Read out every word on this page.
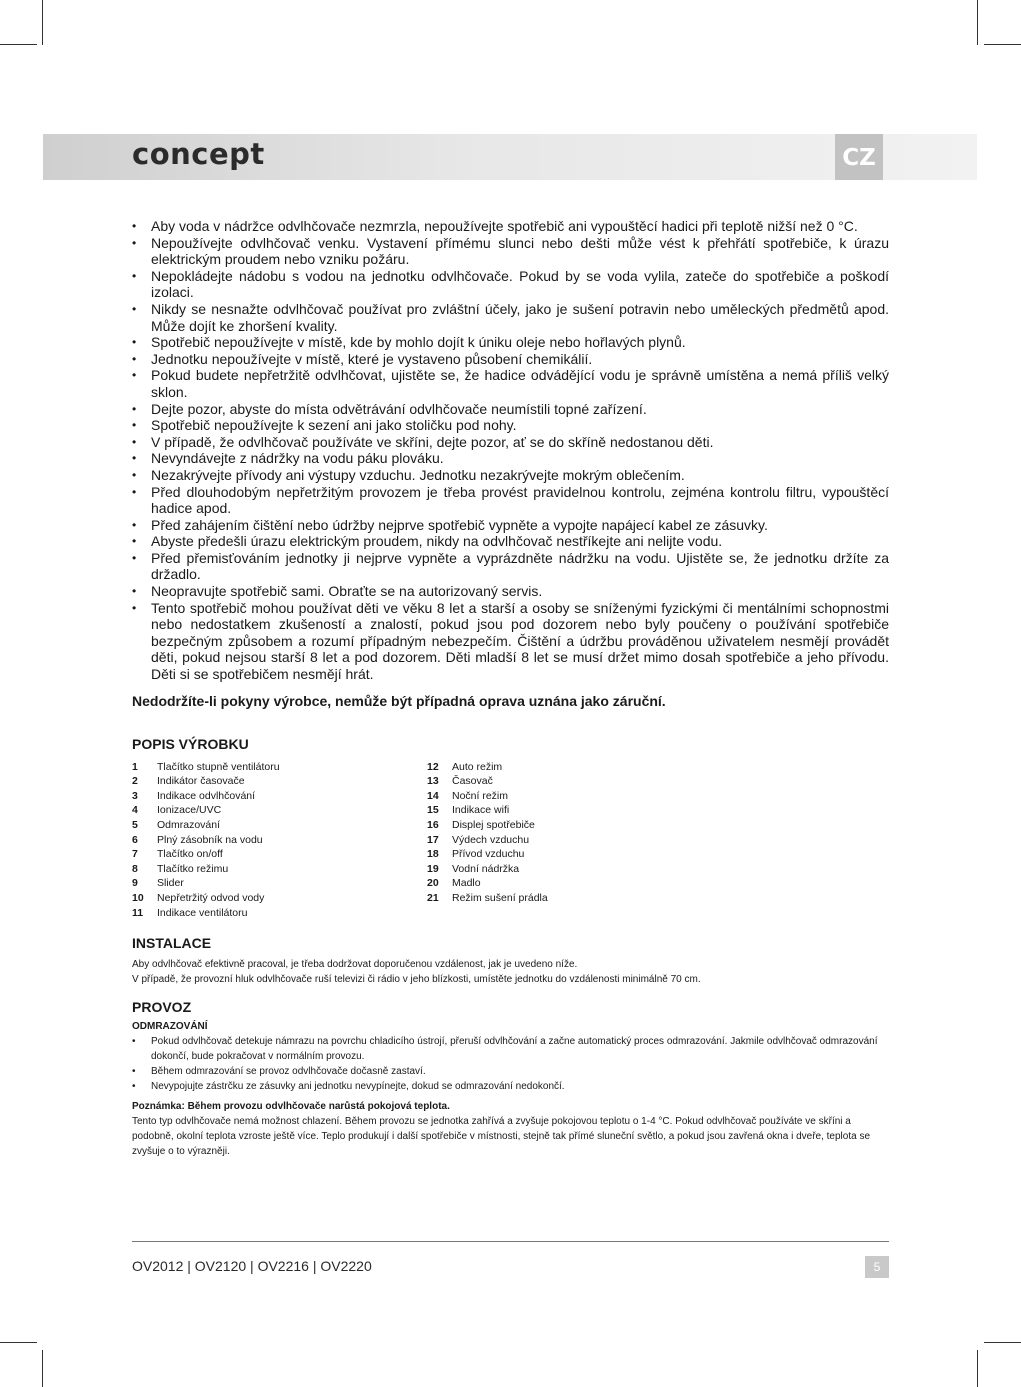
concept	CZ
• Aby voda v nádržce odvlhčovače nezmrzla, nepoužívejte spotřebič ani vypouštěcí hadici při teplotě nižší než 0 °C.
• Nepoužívejte odvlhčovač venku. Vystavení přímému slunci nebo dešti může vést k přehřátí spotřebiče, k úrazu elektrickým proudem nebo vzniku požáru.
• Nepokládejte nádobu s vodou na jednotku odvlhčovače. Pokud by se voda vylila, zateče do spotřebiče a poškodí izolaci.
• Nikdy se nesnažte odvlhčovač používat pro zvláštní účely, jako je sušení potravin nebo uměleckých předmětů apod. Může dojít ke zhoršení kvality.
• Spotřebič nepoužívejte v místě, kde by mohlo dojít k úniku oleje nebo hořlavých plynů.
• Jednotku nepoužívejte v místě, které je vystaveno působení chemikálií.
• Pokud budete nepřetržitě odvlhčovat, ujistěte se, že hadice odvádějící vodu je správně umístěna a nemá příliš velký sklon.
• Dejte pozor, abyste do místa odvětrávání odvlhčovače neumístili topné zařízení.
• Spotřebič nepoužívejte k sezení ani jako stoličku pod nohy.
• V případě, že odvlhčovač používáte ve skříni, dejte pozor, ať se do skříně nedostanou děti.
• Nevyndávejte z nádržky na vodu páku plováku.
• Nezakrývejte přívody ani výstupy vzduchu. Jednotku nezakrývejte mokrým oblečením.
• Před dlouhodobým nepřetržitým provozem je třeba provést pravidelnou kontrolu, zejména kontrolu filtru, vypouštěcí hadice apod.
• Před zahájením čištění nebo údržby nejprve spotřebič vypněte a vypojte napájecí kabel ze zásuvky.
• Abyste předešli úrazu elektrickým proudem, nikdy na odvlhčovač nestříkejte ani nelijte vodu.
• Před přemisťováním jednotky ji nejprve vypněte a vyprázdněte nádržku na vodu. Ujistěte se, že jednotku držíte za držadlo.
• Neopravujte spotřebič sami. Obraťte se na autorizovaný servis.
• Tento spotřebič mohou používat děti ve věku 8 let a starší a osoby se sníženými fyzickými či mentálními schopnostmi nebo nedostatkem zkušeností a znalostí, pokud jsou pod dozorem nebo byly poučeny o používání spotřebiče bezpečným způsobem a rozumí případným nebezpečím. Čištění a údržbu prováděnou uživatelem nesmějí provádět děti, pokud nejsou starší 8 let a pod dozorem. Děti mladší 8 let se musí držet mimo dosah spotřebiče a jeho přívodu. Děti si se spotřebičem nesmějí hrát.
Nedodržíte-li pokyny výrobce, nemůže být případná oprava uznána jako záruční.
POPIS VÝROBKU
1	Tlačítko stupně ventilátoru
2	Indikátor časovače
3	Indikace odvlhčování
4	Ionizace/UVC
5	Odmrazování
6	Plný zásobník na vodu
7	Tlačítko on/off
8	Tlačítko režimu
9	Slider
10	Nepřetržitý odvod vody
11	Indikace ventilátoru
12	Auto režim
13	Časovač
14	Noční režim
15	Indikace wifi
16	Displej spotřebiče
17	Výdech vzduchu
18	Přívod vzduchu
19	Vodní nádržka
20	Madlo
21	Režim sušení prádla
INSTALACE

Aby odvlhčovač efektivně pracoval, je třeba dodržovat doporučenou vzdálenost, jak je uvedeno níže.

V případě, že provozní hluk odvlhčovače ruší televizi či rádio v jeho blízkosti, umístěte jednotku do vzdálenosti minimálně 70 cm.

PROVOZ
ODMRAZOVÁNÍ
• Pokud odvlhčovač detekuje námrazu na povrchu chladicího ústrojí, přeruší odvlhčování a začne automatický proces odmrazování. Jakmile odvlhčovač odmrazování dokončí, bude pokračovat v normálním provozu.
• Během odmrazování se provoz odvlhčovače dočasně zastaví.
• Nevypojujte zástrčku ze zásuvky ani jednotku nevypínejte, dokud se odmrazování nedokončí.

Poznámka: Během provozu odvlhčovače narůstá pokojová teplota.

Tento typ odvlhčovače nemá možnost chlazení. Během provozu se jednotka zahřívá a zvyšuje pokojovou teplotu o 1-4 °C. Pokud odvlhčovač používáte ve skříni a podobně, okolní teplota vzroste ještě více. Teplo produkují i další spotřebiče v místnosti, stejně tak přímé sluneční světlo, a pokud jsou zavřená okna i dveře, teplota se zvyšuje o to výrazněji.

OV2012 | OV2120 | OV2216 | OV2220	5
